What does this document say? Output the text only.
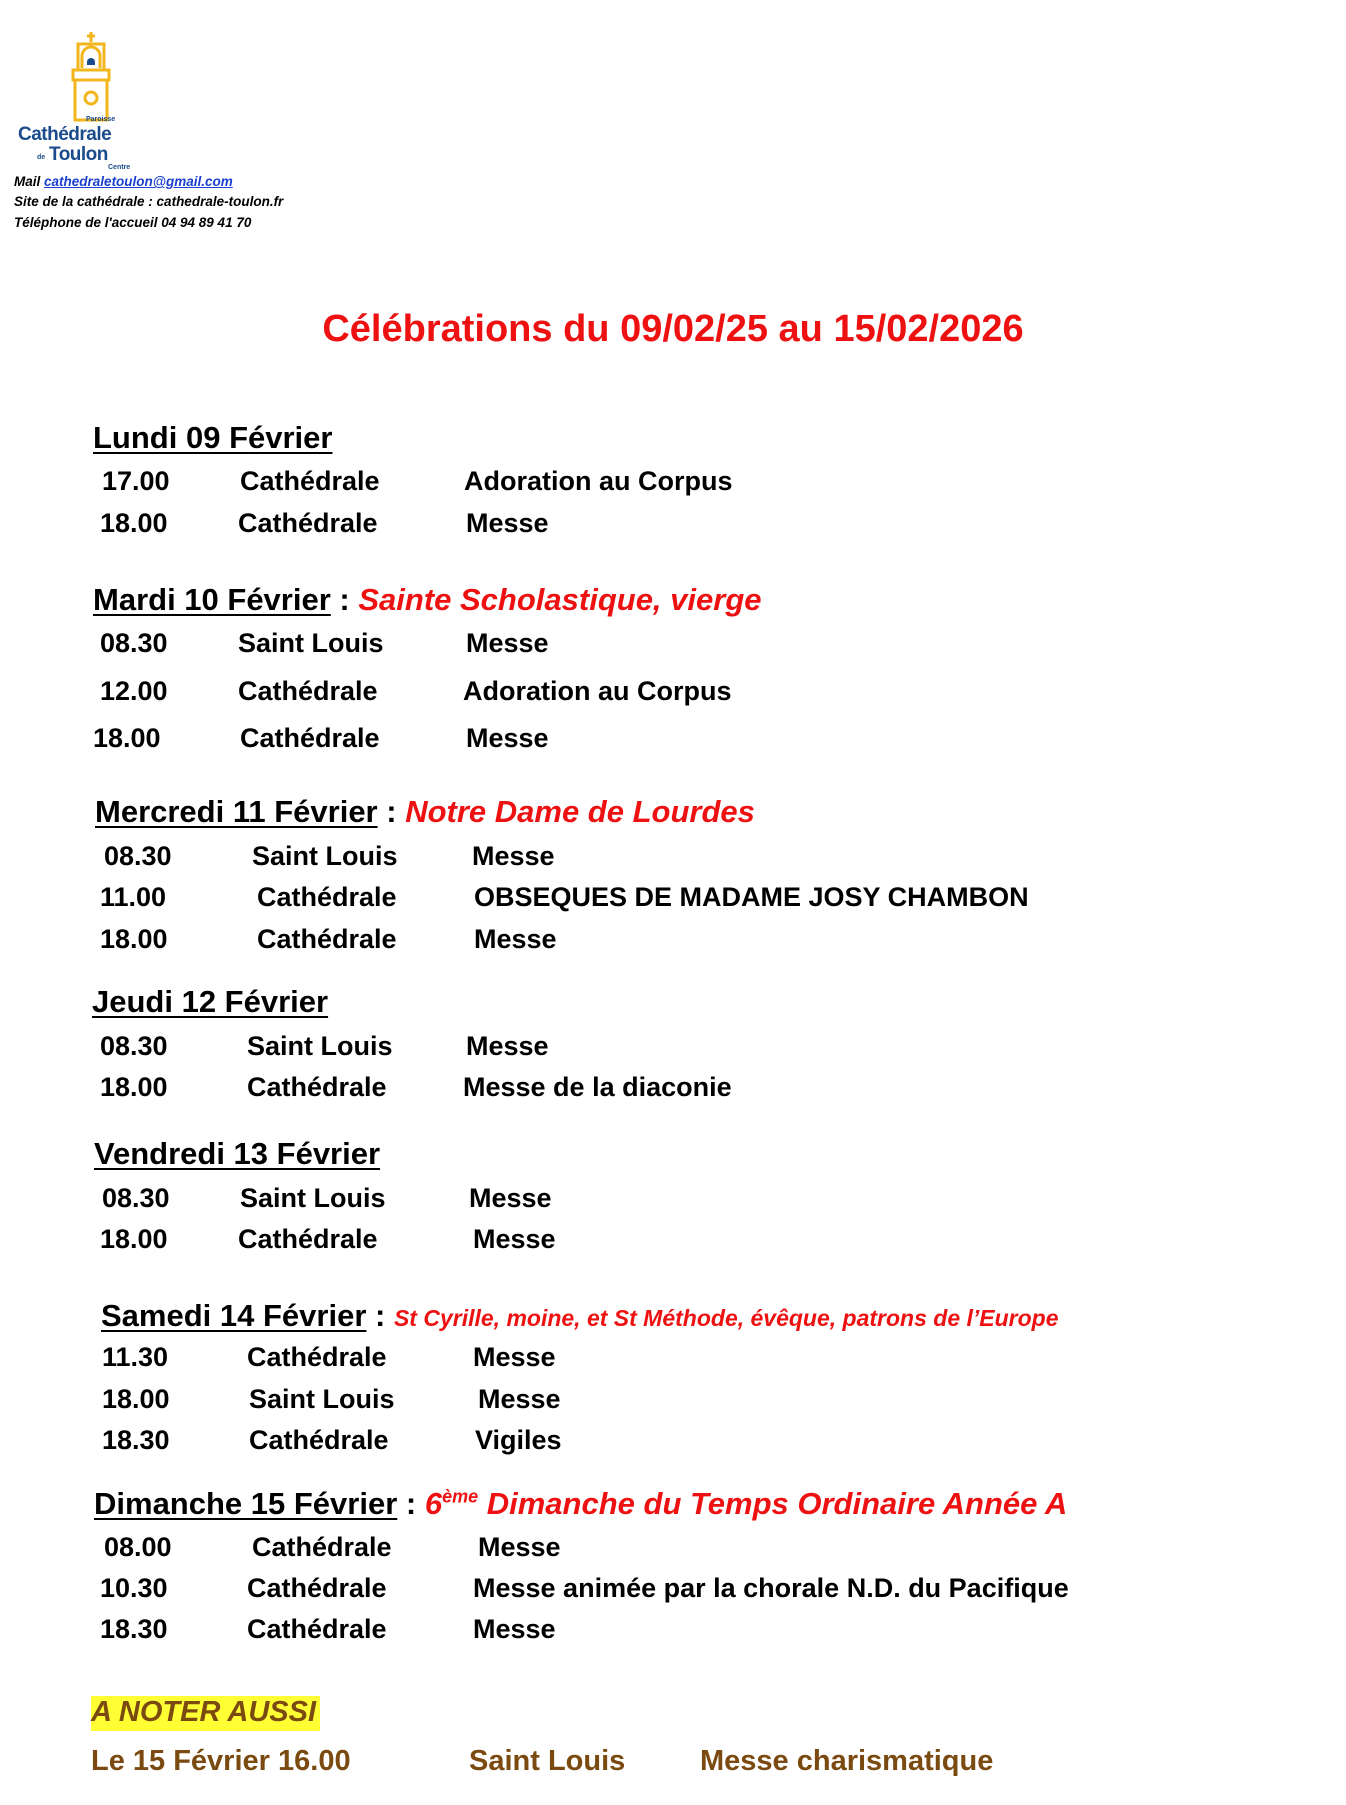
Paroisse
Cathédrale
de Toulon
Centre
Mail cathedraletoulon@gmail.com
Site de la cathédrale : cathedrale-toulon.fr
Téléphone de l'accueil 04 94 89 41 70
Célébrations du 09/02/25 au 15/02/2026
Lundi 09 Février
17.00	Cathédrale	Adoration au Corpus
18.00	Cathédrale	Messe
Mardi 10 Février : Sainte Scholastique, vierge
08.30	Saint Louis	Messe
12.00	Cathédrale	Adoration au Corpus
18.00	Cathédrale	Messe
Mercredi 11 Février : Notre Dame de Lourdes
08.30	Saint Louis	Messe
11.00	Cathédrale	OBSEQUES DE MADAME JOSY CHAMBON
18.00	Cathédrale	Messe
Jeudi 12 Février
08.30	Saint Louis	Messe
18.00	Cathédrale	Messe de la diaconie
Vendredi 13 Février
08.30	Saint Louis	Messe
18.00	Cathédrale	Messe
Samedi 14 Février : St Cyrille, moine, et St Méthode, évêque, patrons de l’Europe
11.30	Cathédrale	Messe
18.00	Saint Louis	Messe
18.30	Cathédrale	Vigiles
Dimanche 15 Février : 6ème Dimanche du Temps Ordinaire Année A
08.00	Cathédrale	Messe
10.30	Cathédrale	Messe animée par la chorale N.D. du Pacifique
18.30	Cathédrale	Messe
A NOTER AUSSI
Le 15 Février 16.00	Saint Louis	Messe charismatique
